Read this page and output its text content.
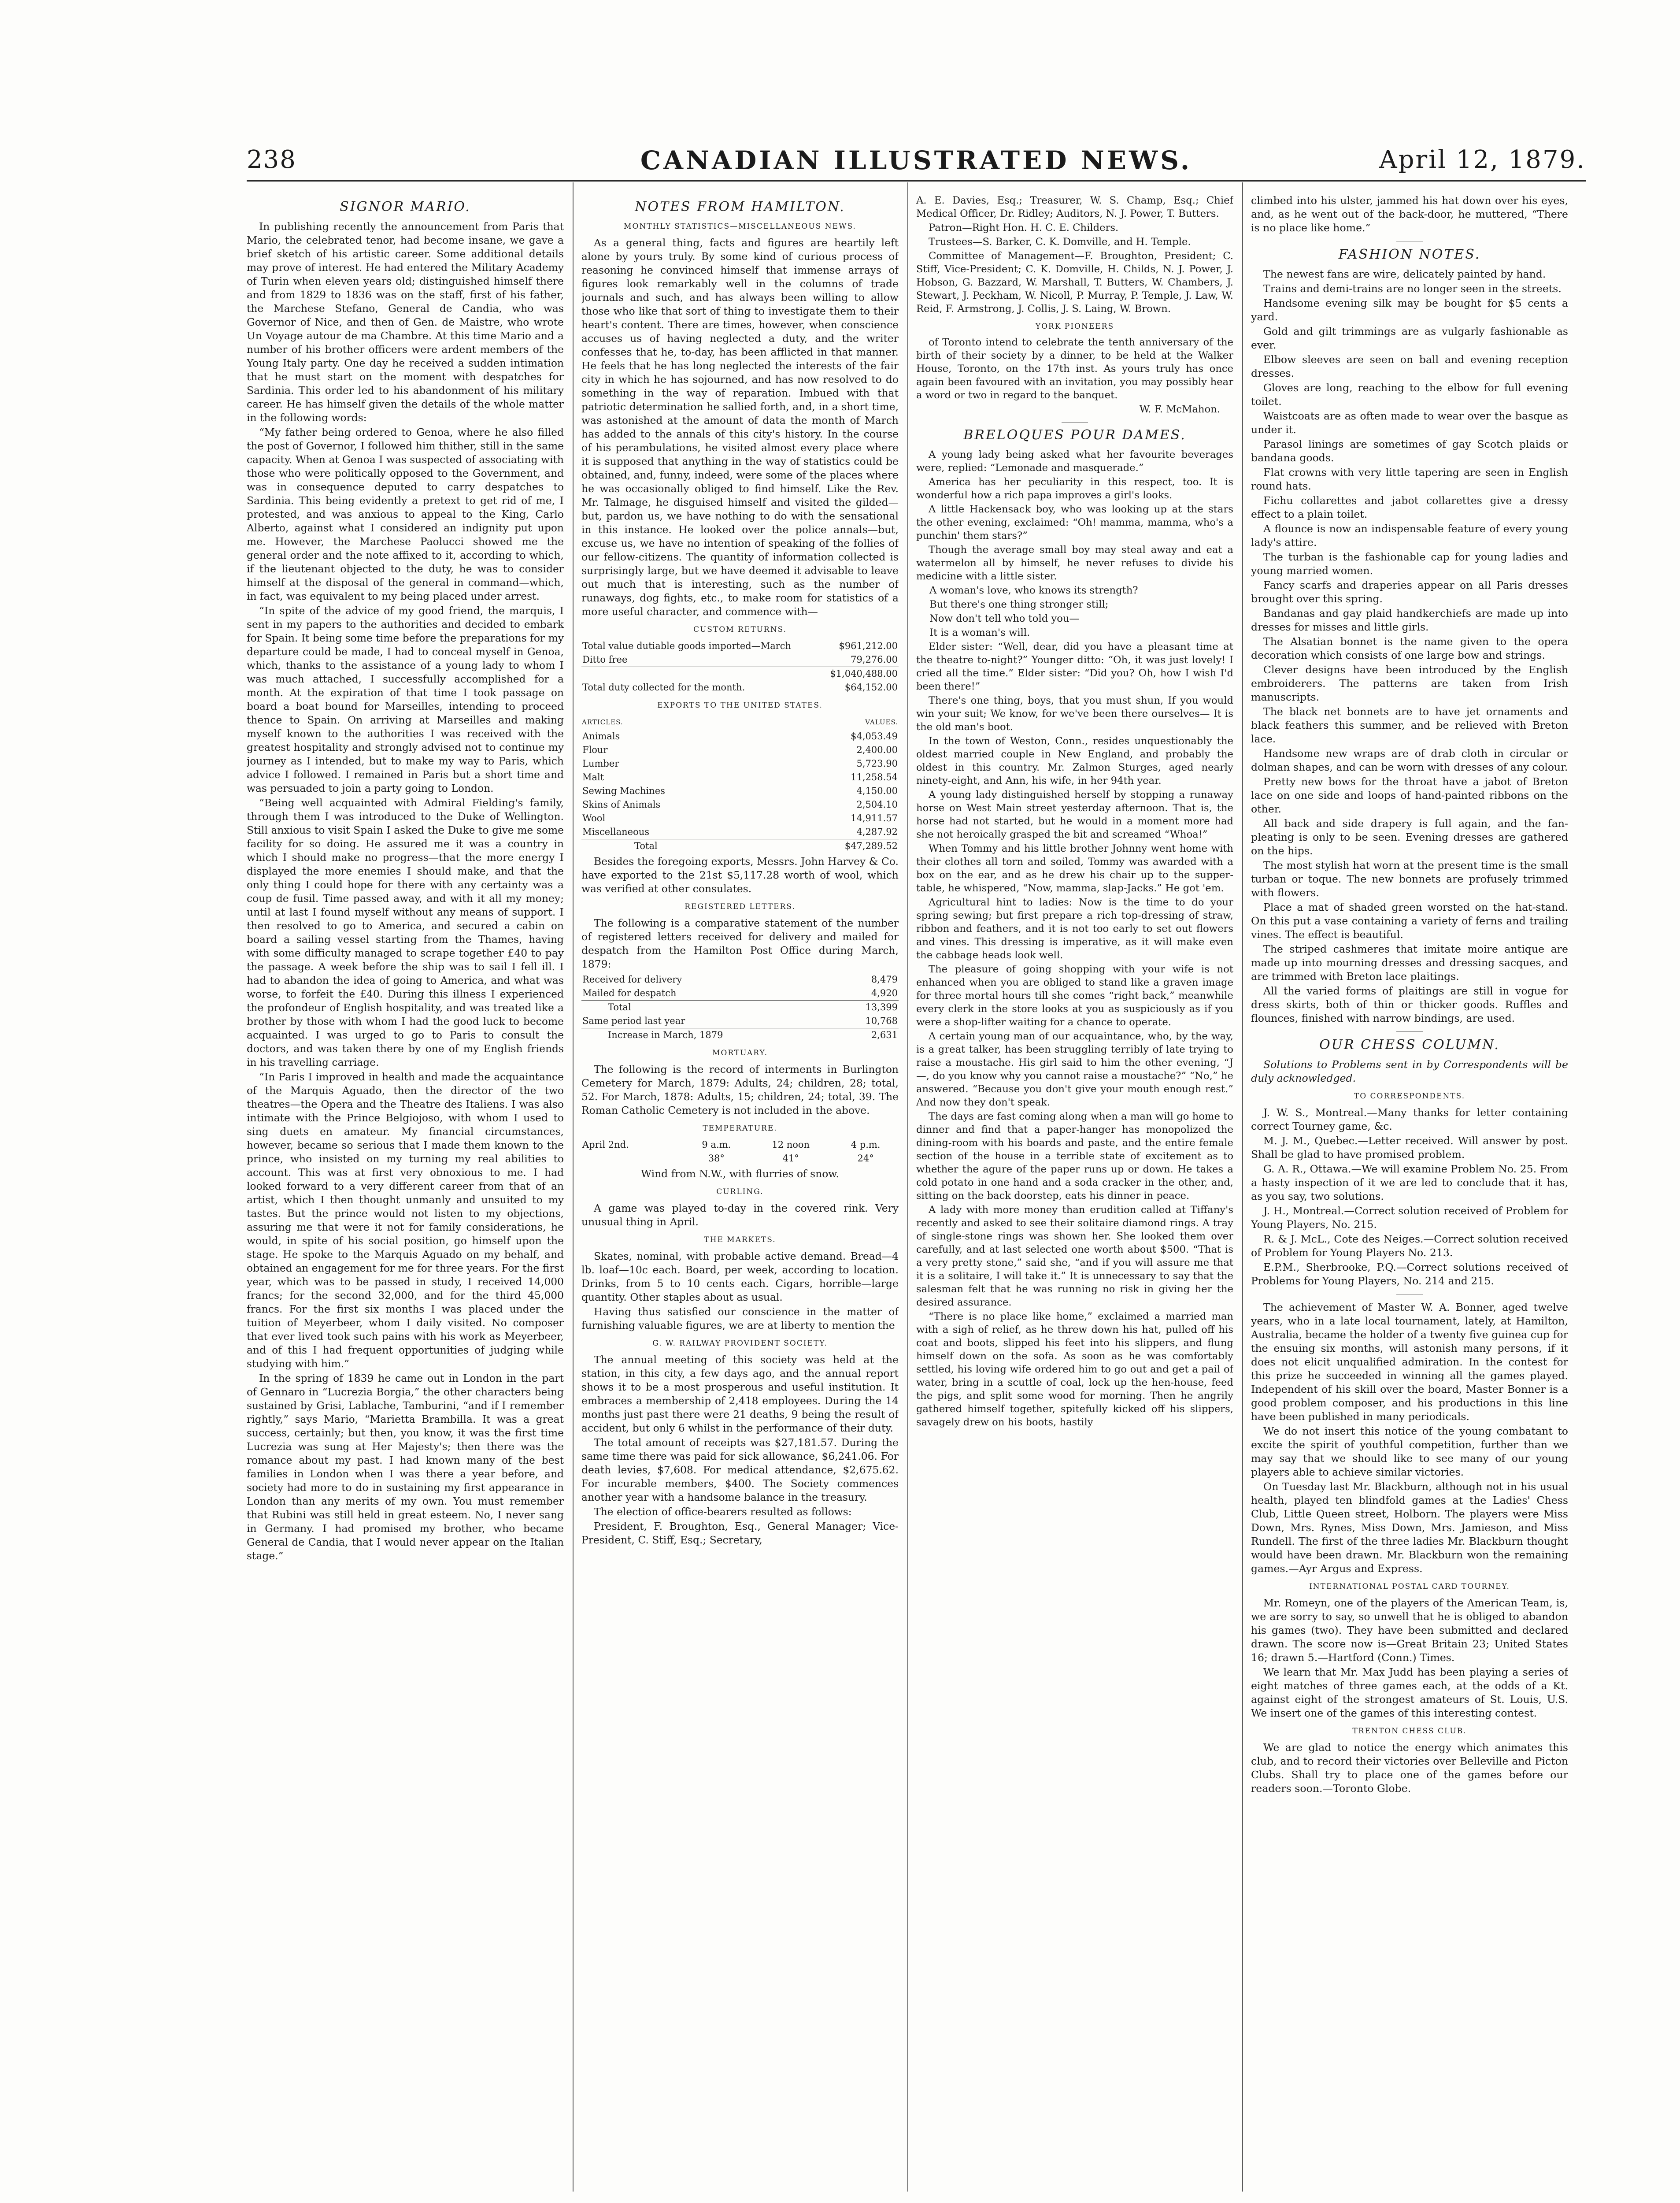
238	CANADIAN ILLUSTRATED NEWS.	April 12, 1879.
SIGNOR MARIO.

In publishing recently the announcement from Paris that Mario, the celebrated tenor, had become insane, we gave a brief sketch of his artistic career. Some additional details may prove of interest. He had entered the Military Academy of Turin when eleven years old; distinguished himself there and from 1829 to 1836 was on the staff, first of his father, the Marchese Stefano, General de Candia, who was Governor of Nice, and then of Gen. de Maistre, who wrote Un Voyage autour de ma Chambre. At this time Mario and a number of his brother officers were ardent members of the Young Italy party. One day he received a sudden intimation that he must start on the moment with despatches for Sardinia. This order led to his abandonment of his military career. He has himself given the details of the whole matter in the following words:

“My father being ordered to Genoa, where he also filled the post of Governor, I followed him thither, still in the same capacity. When at Genoa I was suspected of associating with those who were politically opposed to the Government, and was in consequence deputed to carry despatches to Sardinia. This being evidently a pretext to get rid of me, I protested, and was anxious to appeal to the King, Carlo Alberto, against what I considered an indignity put upon me. However, the Marchese Paolucci showed me the general order and the note affixed to it, according to which, if the lieutenant objected to the duty, he was to consider himself at the disposal of the general in command—which, in fact, was equivalent to my being placed under arrest.

“In spite of the advice of my good friend, the marquis, I sent in my papers to the authorities and decided to embark for Spain. It being some time before the preparations for my departure could be made, I had to conceal myself in Genoa, which, thanks to the assistance of a young lady to whom I was much attached, I successfully accomplished for a month. At the expiration of that time I took passage on board a boat bound for Marseilles, intending to proceed thence to Spain. On arriving at Marseilles and making myself known to the authorities I was received with the greatest hospitality and strongly advised not to continue my journey as I intended, but to make my way to Paris, which advice I followed. I remained in Paris but a short time and was persuaded to join a party going to London.

“Being well acquainted with Admiral Fielding's family, through them I was introduced to the Duke of Wellington. Still anxious to visit Spain I asked the Duke to give me some facility for so doing. He assured me it was a country in which I should make no progress—that the more energy I displayed the more enemies I should make, and that the only thing I could hope for there with any certainty was a coup de fusil. Time passed away, and with it all my money; until at last I found myself without any means of support. I then resolved to go to America, and secured a cabin on board a sailing vessel starting from the Thames, having with some difficulty managed to scrape together £40 to pay the passage. A week before the ship was to sail I fell ill. I had to abandon the idea of going to America, and what was worse, to forfeit the £40. During this illness I experienced the profondeur of English hospitality, and was treated like a brother by those with whom I had the good luck to become acquainted. I was urged to go to Paris to consult the doctors, and was taken there by one of my English friends in his travelling carriage.

“In Paris I improved in health and made the acquaintance of the Marquis Aguado, then the director of the two theatres—the Opera and the Theatre des Italiens. I was also intimate with the Prince Belgiojoso, with whom I used to sing duets en amateur. My financial circumstances, however, became so serious that I made them known to the prince, who insisted on my turning my real abilities to account. This was at first very obnoxious to me. I had looked forward to a very different career from that of an artist, which I then thought unmanly and unsuited to my tastes. But the prince would not listen to my objections, assuring me that were it not for family considerations, he would, in spite of his social position, go himself upon the stage. He spoke to the Marquis Aguado on my behalf, and obtained an engagement for me for three years. For the first year, which was to be passed in study, I received 14,000 francs; for the second 32,000, and for the third 45,000 francs. For the first six months I was placed under the tuition of Meyerbeer, whom I daily visited. No composer that ever lived took such pains with his work as Meyerbeer, and of this I had frequent opportunities of judging while studying with him.”

In the spring of 1839 he came out in London in the part of Gennaro in “Lucrezia Borgia,” the other characters being sustained by Grisi, Lablache, Tamburini, “and if I remember rightly,” says Mario, “Marietta Brambilla. It was a great success, certainly; but then, you know, it was the first time Lucrezia was sung at Her Majesty's; then there was the romance about my past. I had known many of the best families in London when I was there a year before, and society had more to do in sustaining my first appearance in London than any merits of my own. You must remember that Rubini was still held in great esteem. No, I never sang in Germany. I had promised my brother, who became General de Candia, that I would never appear on the Italian stage.”

NOTES FROM HAMILTON.
MONTHLY STATISTICS—MISCELLANEOUS NEWS.

As a general thing, facts and figures are heartily left alone by yours truly. By some kind of curious process of reasoning he convinced himself that immense arrays of figures look remarkably well in the columns of trade journals and such, and has always been willing to allow those who like that sort of thing to investigate them to their heart's content. There are times, however, when conscience accuses us of having neglected a duty, and the writer confesses that he, to-day, has been afflicted in that manner. He feels that he has long neglected the interests of the fair city in which he has sojourned, and has now resolved to do something in the way of reparation. Imbued with that patriotic determination he sallied forth, and, in a short time, was astonished at the amount of data the month of March has added to the annals of this city's history. In the course of his perambulations, he visited almost every place where it is supposed that anything in the way of statistics could be obtained, and, funny, indeed, were some of the places where he was occasionally obliged to find himself. Like the Rev. Mr. Talmage, he disguised himself and visited the gilded—but, pardon us, we have nothing to do with the sensational in this instance. He looked over the police annals—but, excuse us, we have no intention of speaking of the follies of our fellow-citizens. The quantity of information collected is surprisingly large, but we have deemed it advisable to leave out much that is interesting, such as the number of runaways, dog fights, etc., to make room for statistics of a more useful character, and commence with—

CUSTOM RETURNS.
Total value dutiable goods imported—March	$961,212.00
Ditto free	79,276.00
	$1,040,488.00
Total duty collected for the month.	$64,152.00
EXPORTS TO THE UNITED STATES.
ARTICLES.	VALUES.
Animals	$4,053.49
Flour	2,400.00
Lumber	5,723.90
Malt	11,258.54
Sewing Machines	4,150.00
Skins of Animals	2,504.10
Wool	14,911.57
Miscellaneous	4,287.92
Total	$47,289.52

Besides the foregoing exports, Messrs. John Harvey & Co. have exported to the 21st $5,117.28 worth of wool, which was verified at other consulates.

REGISTERED LETTERS.

The following is a comparative statement of the number of registered letters received for delivery and mailed for despatch from the Hamilton Post Office during March, 1879:

Received for delivery	8,479
Mailed for despatch	4,920
Total	13,399
Same period last year	10,768
Increase in March, 1879	2,631
MORTUARY.

The following is the record of interments in Burlington Cemetery for March, 1879: Adults, 24; children, 28; total, 52. For March, 1878: Adults, 15; children, 24; total, 39. The Roman Catholic Cemetery is not included in the above.

TEMPERATURE.
April 2nd.	9 a.m.	12 noon	4 p.m.
	38°	41°	24°

Wind from N.W., with flurries of snow.

CURLING.

A game was played to-day in the covered rink. Very unusual thing in April.

THE MARKETS.

Skates, nominal, with probable active demand. Bread—4 lb. loaf—10c each. Board, per week, according to location. Drinks, from 5 to 10 cents each. Cigars, horrible—large quantity. Other staples about as usual.

Having thus satisfied our conscience in the matter of furnishing valuable figures, we are at liberty to mention the

G. W. RAILWAY PROVIDENT SOCIETY.

The annual meeting of this society was held at the station, in this city, a few days ago, and the annual report shows it to be a most prosperous and useful institution. It embraces a membership of 2,418 employees. During the 14 months just past there were 21 deaths, 9 being the result of accident, but only 6 whilst in the performance of their duty.

The total amount of receipts was $27,181.57. During the same time there was paid for sick allowance, $6,241.06. For death levies, $7,608. For medical attendance, $2,675.62. For incurable members, $400. The Society commences another year with a handsome balance in the treasury.

The election of office-bearers resulted as follows:

President, F. Broughton, Esq., General Manager; Vice-President, C. Stiff, Esq.; Secretary,

A. E. Davies, Esq.; Treasurer, W. S. Champ, Esq.; Chief Medical Officer, Dr. Ridley; Auditors, N. J. Power, T. Butters.

Patron—Right Hon. H. C. E. Childers.

Trustees—S. Barker, C. K. Domville, and H. Temple.

Committee of Management—F. Broughton, President; C. Stiff, Vice-President; C. K. Domville, H. Childs, N. J. Power, J. Hobson, G. Bazzard, W. Marshall, T. Butters, W. Chambers, J. Stewart, J. Peckham, W. Nicoll, P. Murray, P. Temple, J. Law, W. Reid, F. Armstrong, J. Collis, J. S. Laing, W. Brown.

YORK PIONEERS

of Toronto intend to celebrate the tenth anniversary of the birth of their society by a dinner, to be held at the Walker House, Toronto, on the 17th inst. As yours truly has once again been favoured with an invitation, you may possibly hear a word or two in regard to the banquet.

W. F. McMahon.

BRELOQUES POUR DAMES.

A young lady being asked what her favourite beverages were, replied: “Lemonade and masquerade.”

America has her peculiarity in this respect, too. It is wonderful how a rich papa improves a girl's looks.

A little Hackensack boy, who was looking up at the stars the other evening, exclaimed: “Oh! mamma, mamma, who's a punchin' them stars?”

Though the average small boy may steal away and eat a watermelon all by himself, he never refuses to divide his medicine with a little sister.

A woman's love, who knows its strength?

But there's one thing stronger still;

Now don't tell who told you—

It is a woman's will.

Elder sister: “Well, dear, did you have a pleasant time at the theatre to-night?” Younger ditto: “Oh, it was just lovely! I cried all the time.” Elder sister: “Did you? Oh, how I wish I'd been there!”

There's one thing, boys, that you must shun, If you would win your suit; We know, for we've been there ourselves— It is the old man's boot.

In the town of Weston, Conn., resides unquestionably the oldest married couple in New England, and probably the oldest in this country. Mr. Zalmon Sturges, aged nearly ninety-eight, and Ann, his wife, in her 94th year.

A young lady distinguished herself by stopping a runaway horse on West Main street yesterday afternoon. That is, the horse had not started, but he would in a moment more had she not heroically grasped the bit and screamed “Whoa!”

When Tommy and his little brother Johnny went home with their clothes all torn and soiled, Tommy was awarded with a box on the ear, and as he drew his chair up to the supper-table, he whispered, “Now, mamma, slap-Jacks.” He got 'em.

Agricultural hint to ladies: Now is the time to do your spring sewing; but first prepare a rich top-dressing of straw, ribbon and feathers, and it is not too early to set out flowers and vines. This dressing is imperative, as it will make even the cabbage heads look well.

The pleasure of going shopping with your wife is not enhanced when you are obliged to stand like a graven image for three mortal hours till she comes “right back,” meanwhile every clerk in the store looks at you as suspiciously as if you were a shop-lifter waiting for a chance to operate.

A certain young man of our acquaintance, who, by the way, is a great talker, has been struggling terribly of late trying to raise a moustache. His girl said to him the other evening, “J—, do you know why you cannot raise a moustache?” “No,” he answered. “Because you don't give your mouth enough rest.” And now they don't speak.

The days are fast coming along when a man will go home to dinner and find that a paper-hanger has monopolized the dining-room with his boards and paste, and the entire female section of the house in a terrible state of excitement as to whether the agure of the paper runs up or down. He takes a cold potato in one hand and a soda cracker in the other, and, sitting on the back doorstep, eats his dinner in peace.

A lady with more money than erudition called at Tiffany's recently and asked to see their solitaire diamond rings. A tray of single-stone rings was shown her. She looked them over carefully, and at last selected one worth about $500. “That is a very pretty stone,” said she, “and if you will assure me that it is a solitaire, I will take it.” It is unnecessary to say that the salesman felt that he was running no risk in giving her the desired assurance.

“There is no place like home,” exclaimed a married man with a sigh of relief, as he threw down his hat, pulled off his coat and boots, slipped his feet into his slippers, and flung himself down on the sofa. As soon as he was comfortably settled, his loving wife ordered him to go out and get a pail of water, bring in a scuttle of coal, lock up the hen-house, feed the pigs, and split some wood for morning. Then he angrily gathered himself together, spitefully kicked off his slippers, savagely drew on his boots, hastily

climbed into his ulster, jammed his hat down over his eyes, and, as he went out of the back-door, he muttered, “There is no place like home.”

FASHION NOTES.

The newest fans are wire, delicately painted by hand.

Trains and demi-trains are no longer seen in the streets.

Handsome evening silk may be bought for $5 cents a yard.

Gold and gilt trimmings are as vulgarly fashionable as ever.

Elbow sleeves are seen on ball and evening reception dresses.

Gloves are long, reaching to the elbow for full evening toilet.

Waistcoats are as often made to wear over the basque as under it.

Parasol linings are sometimes of gay Scotch plaids or bandana goods.

Flat crowns with very little tapering are seen in English round hats.

Fichu collarettes and jabot collarettes give a dressy effect to a plain toilet.

A flounce is now an indispensable feature of every young lady's attire.

The turban is the fashionable cap for young ladies and young married women.

Fancy scarfs and draperies appear on all Paris dresses brought over this spring.

Bandanas and gay plaid handkerchiefs are made up into dresses for misses and little girls.

The Alsatian bonnet is the name given to the opera decoration which consists of one large bow and strings.

Clever designs have been introduced by the English embroiderers. The patterns are taken from Irish manuscripts.

The black net bonnets are to have jet ornaments and black feathers this summer, and be relieved with Breton lace.

Handsome new wraps are of drab cloth in circular or dolman shapes, and can be worn with dresses of any colour.

Pretty new bows for the throat have a jabot of Breton lace on one side and loops of hand-painted ribbons on the other.

All back and side drapery is full again, and the fan-pleating is only to be seen. Evening dresses are gathered on the hips.

The most stylish hat worn at the present time is the small turban or toque. The new bonnets are profusely trimmed with flowers.

Place a mat of shaded green worsted on the hat-stand. On this put a vase containing a variety of ferns and trailing vines. The effect is beautiful.

The striped cashmeres that imitate moire antique are made up into mourning dresses and dressing sacques, and are trimmed with Breton lace plaitings.

All the varied forms of plaitings are still in vogue for dress skirts, both of thin or thicker goods. Ruffles and flounces, finished with narrow bindings, are used.

OUR CHESS COLUMN.

Solutions to Problems sent in by Correspondents will be duly acknowledged.

TO CORRESPONDENTS.

J. W. S., Montreal.—Many thanks for letter containing correct Tourney game, &c.

M. J. M., Quebec.—Letter received. Will answer by post. Shall be glad to have promised problem.

G. A. R., Ottawa.—We will examine Problem No. 25. From a hasty inspection of it we are led to conclude that it has, as you say, two solutions.

J. H., Montreal.—Correct solution received of Problem for Young Players, No. 215.

R. & J. McL., Cote des Neiges.—Correct solution received of Problem for Young Players No. 213.

E.P.M., Sherbrooke, P.Q.—Correct solutions received of Problems for Young Players, No. 214 and 215.

The achievement of Master W. A. Bonner, aged twelve years, who in a late local tournament, lately, at Hamilton, Australia, became the holder of a twenty five guinea cup for the ensuing six months, will astonish many persons, if it does not elicit unqualified admiration. In the contest for this prize he succeeded in winning all the games played. Independent of his skill over the board, Master Bonner is a good problem composer, and his productions in this line have been published in many periodicals.

We do not insert this notice of the young combatant to excite the spirit of youthful competition, further than we may say that we should like to see many of our young players able to achieve similar victories.

On Tuesday last Mr. Blackburn, although not in his usual health, played ten blindfold games at the Ladies' Chess Club, Little Queen street, Holborn. The players were Miss Down, Mrs. Rynes, Miss Down, Mrs. Jamieson, and Miss Rundell. The first of the three ladies Mr. Blackburn thought would have been drawn. Mr. Blackburn won the remaining games.—Ayr Argus and Express.

INTERNATIONAL POSTAL CARD TOURNEY.

Mr. Romeyn, one of the players of the American Team, is, we are sorry to say, so unwell that he is obliged to abandon his games (two). They have been submitted and declared drawn. The score now is—Great Britain 23; United States 16; drawn 5.—Hartford (Conn.) Times.

We learn that Mr. Max Judd has been playing a series of eight matches of three games each, at the odds of a Kt. against eight of the strongest amateurs of St. Louis, U.S. We insert one of the games of this interesting contest.

TRENTON CHESS CLUB.

We are glad to notice the energy which animates this club, and to record their victories over Belleville and Picton Clubs. Shall try to place one of the games before our readers soon.—Toronto Globe.
